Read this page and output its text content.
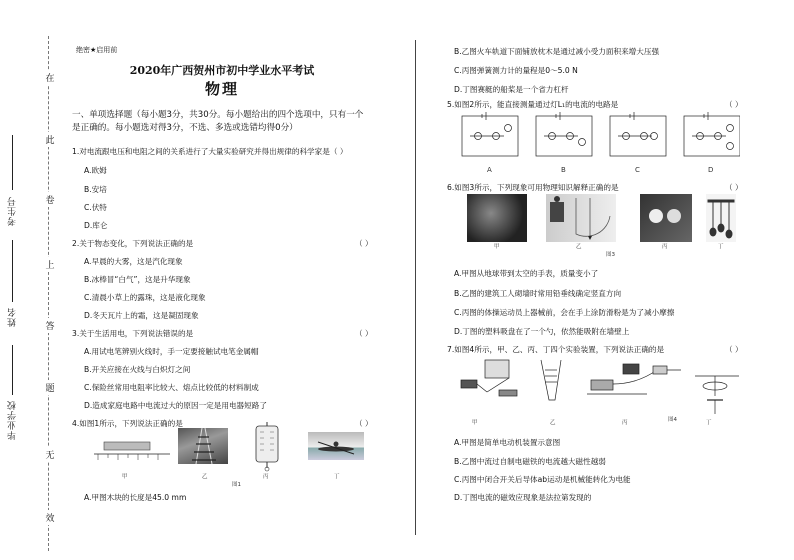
在
此
卷
上
答
题
无
效
考生号
姓名
毕业学校
绝密★启用前
2020年广西贺州市初中学业水平考试
物理
一、单项选择题（每小题3分，共30分。每小题给出的四个选项中，只有一个是正确的。每小题选对得3分，不选、多选或选错均得0分）
1.对电流跟电压和电阻之间的关系进行了大量实验研究并得出规律的科学家是（ ）
A.欧姆
B.安培
C.伏特
D.库仑
2.关于物态变化，下列说法正确的是	（ ）
A.早晨的大雾，这是汽化现象
B.冰棒冒“白气”，这是升华现象
C.清晨小草上的露珠，这是液化现象
D.冬天瓦片上的霜，这是凝固现象
3.关于生活用电，下列说法错误的是	（ ）
A.用试电笔辨别火线时，手一定要接触试电笔金属帽
B.开关应接在火线与白炽灯之间
C.保险丝常用电阻率比较大、熔点比较低的材料制成
D.造成家庭电路中电流过大的原因一定是用电器短路了
4.如图1所示，下列说法正确的是	（ ）
甲	乙	丙	丁
图1
A.甲图木块的长度是45.0 mm
B.乙图火车轨道下面铺放枕木是通过减小受力面积来增大压强
C.丙图弹簧测力计的量程是0～5.0 N
D.丁图赛艇的船桨是一个省力杠杆
5.如图2所示，能直接测量通过灯L₁的电流的电路是	（ ）
A	B	C	D
6.如图3所示，下列现象可用物理知识解释正确的是	（ ）
甲	乙	丙	丁
图3
A.甲图从地球带到太空的手表，质量变小了
B.乙图的建筑工人砌墙时常用铅垂线确定竖直方向
C.丙图的体操运动员上器械前，会在手上涂防滑粉是为了减小摩擦
D.丁图的塑料吸盘在了一个勺，依然能吸附在墙壁上
7.如图4所示，甲、乙、丙、丁四个实验装置，下列说法正确的是	（ ）
甲	乙	丙	丁
图4
A.甲图是简单电动机装置示意图
B.乙图中流过自制电磁铁的电流越大磁性越弱
C.丙图中闭合开关后导体ab运动是机械能转化为电能
D.丁图电流的磁效应现象是法拉第发现的
